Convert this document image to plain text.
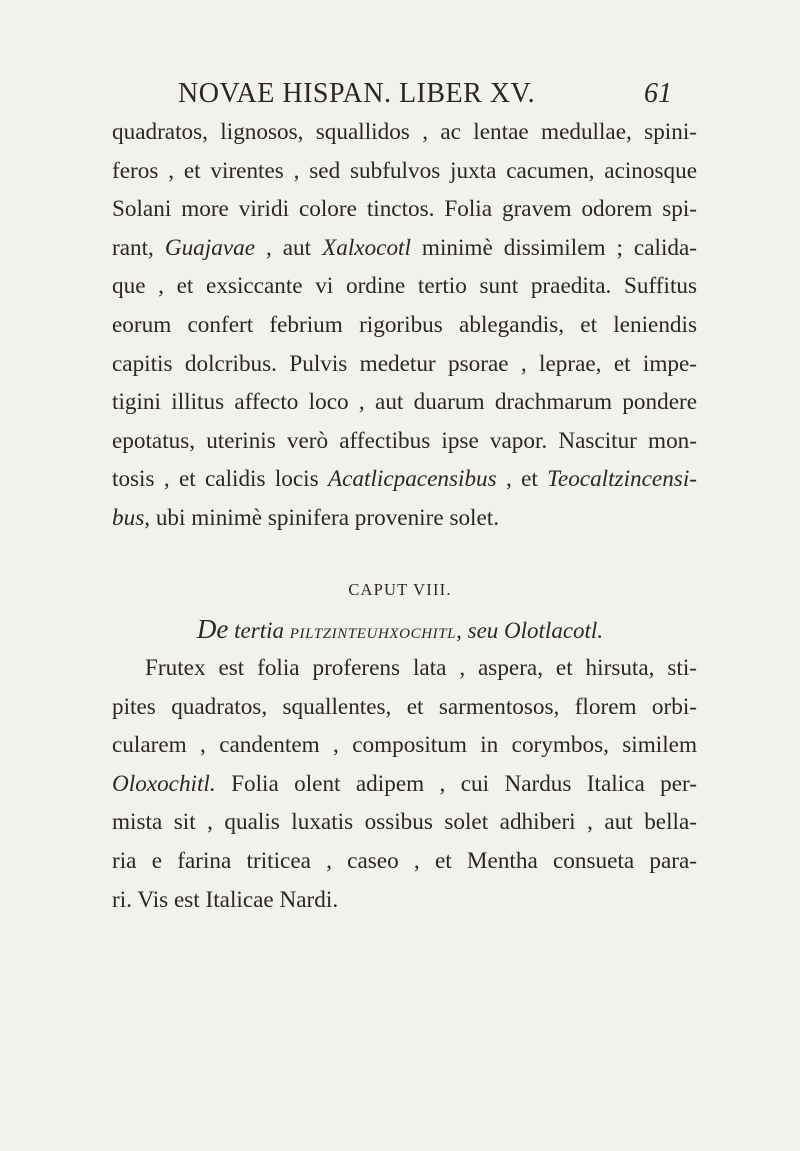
NOVAE HISPAN. LIBER XV.	61
quadratos, lignosos, squallidos , ac lentae medullae, spini-
feros , et virentes , sed subfulvos juxta cacumen, acinosque
Solani more viridi colore tinctos. Folia gravem odorem spi-
rant, Guajavae , aut Xalxocotl minimè dissimilem ; calida-
que , et exsiccante vi ordine tertio sunt praedita. Suffitus
eorum confert febrium rigoribus ablegandis, et leniendis
capitis dolcribus. Pulvis medetur psorae , leprae, et impe-
tigini illitus affecto loco , aut duarum drachmarum pondere
epotatus, uterinis verò affectibus ipse vapor. Nascitur mon-
tosis , et calidis locis Acatlicpacensibus , et Teocaltzincensi-
bus, ubi minimè spinifera provenire solet.
CAPUT VIII.
De tertia PILTZINTEUHXOCHITL, seu Olotlacotl.
Frutex est folia proferens lata , aspera, et hirsuta, sti-
pites quadratos, squallentes, et sarmentosos, florem orbi-
cularem , candentem , compositum in corymbos, similem
Oloxochitl. Folia olent adipem , cui Nardus Italica per-
mista sit , qualis luxatis ossibus solet adhiberi , aut bella-
ria e farina triticea , caseo , et Mentha consueta para-
ri. Vis est Italicae Nardi.
